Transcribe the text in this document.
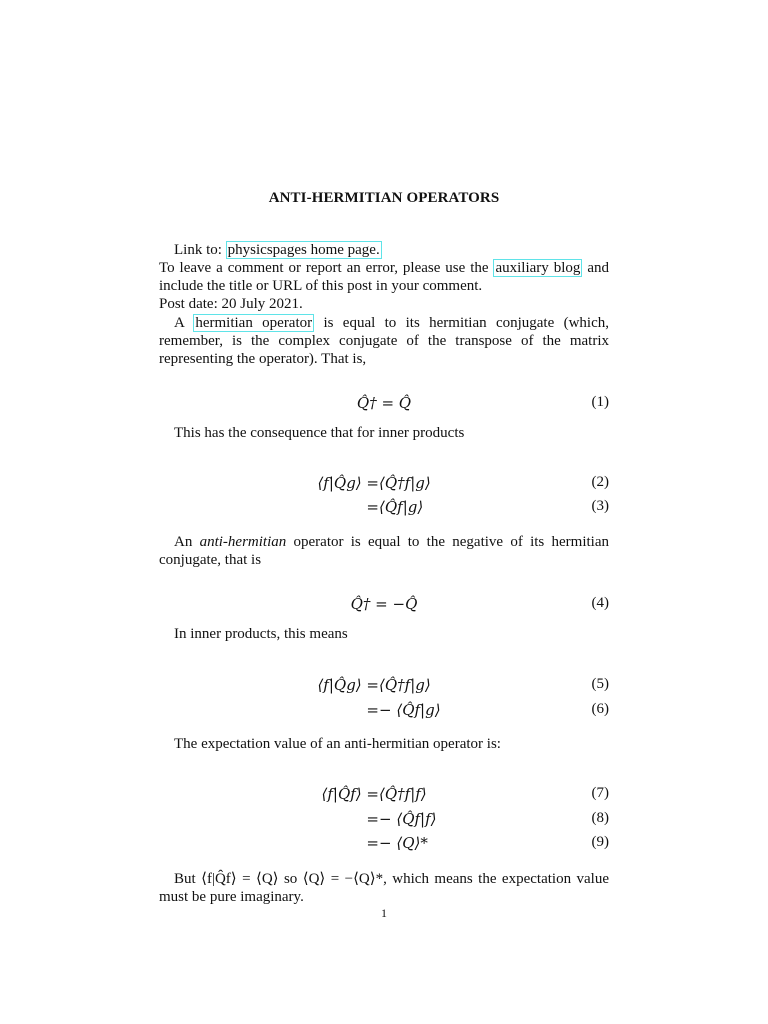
ANTI-HERMITIAN OPERATORS
Link to: physicspages home page.
To leave a comment or report an error, please use the auxiliary blog and include the title or URL of this post in your comment.
Post date: 20 July 2021.
A hermitian operator is equal to its hermitian conjugate (which, remember, is the complex conjugate of the transpose of the matrix representing the operator). That is,
Q̂† = Q̂	(1)
This has the consequence that for inner products
⟨f|Q̂g⟩ = ⟨Q̂†f|g⟩	(2)
= ⟨Q̂f|g⟩	(3)
An anti-hermitian operator is equal to the negative of its hermitian conjugate, that is
Q̂† = −Q̂	(4)
In inner products, this means
⟨f|Q̂g⟩ = ⟨Q̂†f|g⟩	(5)
= − ⟨Q̂f|g⟩	(6)
The expectation value of an anti-hermitian operator is:
⟨f|Q̂f⟩ = ⟨Q̂†f|f⟩	(7)
= − ⟨Q̂f|f⟩	(8)
= − ⟨Q⟩*	(9)
But ⟨f|Q̂f⟩ = ⟨Q⟩ so ⟨Q⟩ = −⟨Q⟩*, which means the expectation value must be pure imaginary.
1
